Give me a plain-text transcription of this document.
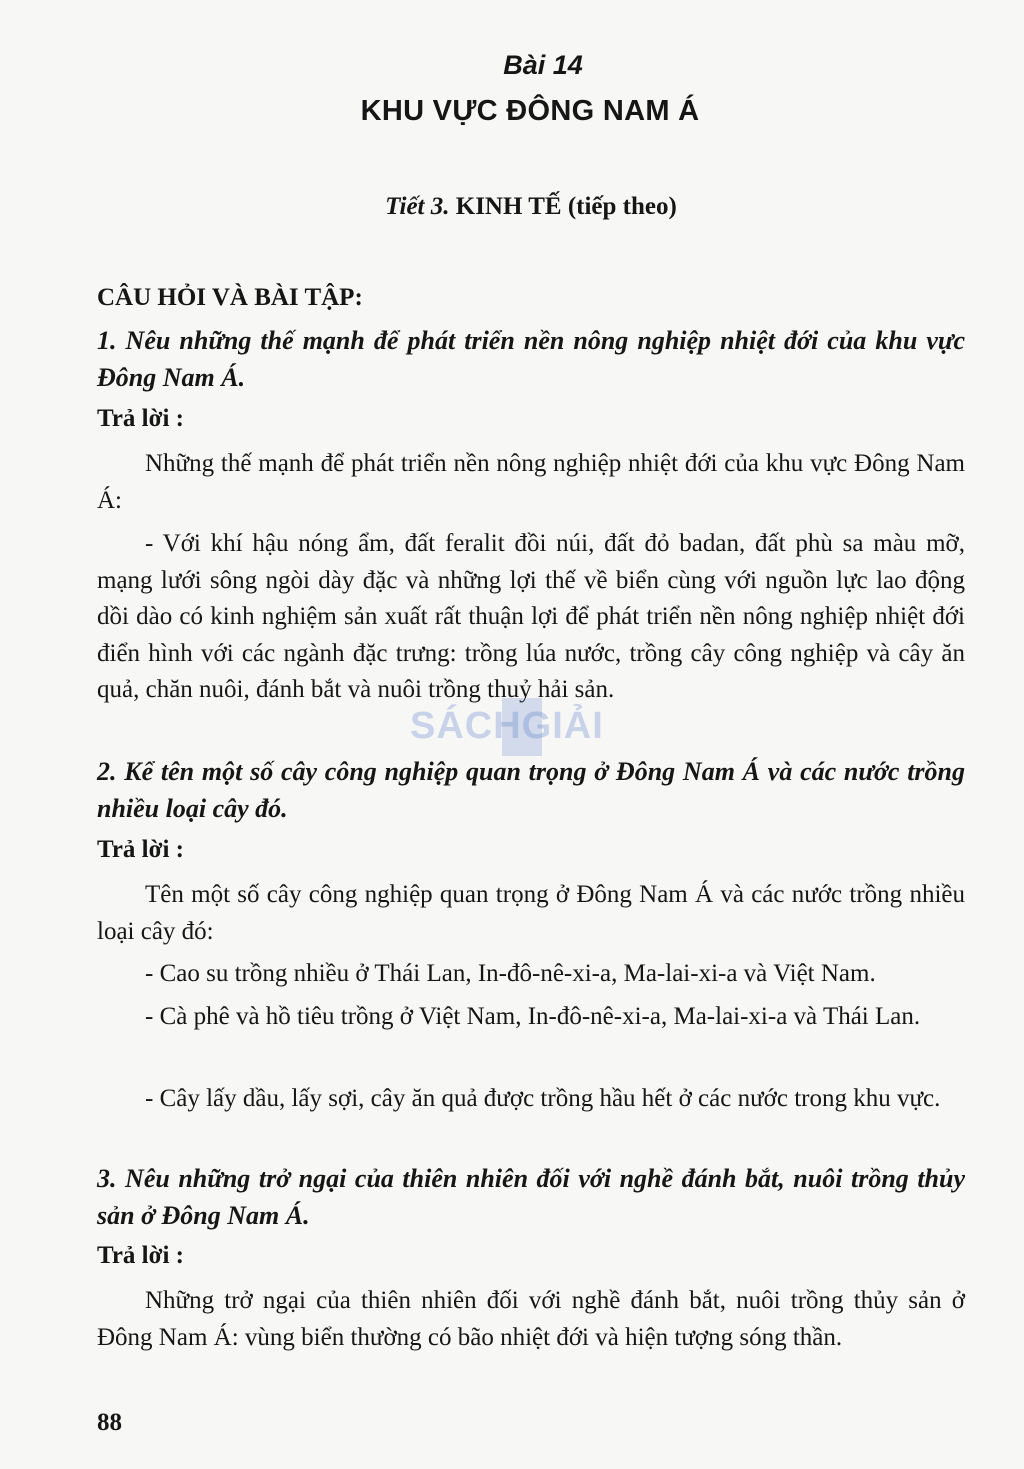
Bài 14
KHU VỰC ĐÔNG NAM Á
Tiết 3. KINH TẾ (tiếp theo)
CÂU HỎI VÀ BÀI TẬP:
1. Nêu những thế mạnh để phát triển nền nông nghiệp nhiệt đới của khu vực Đông Nam Á.
Trả lời :
Những thế mạnh để phát triển nền nông nghiệp nhiệt đới của khu vực Đông Nam Á:
- Với khí hậu nóng ẩm, đất feralit đồi núi, đất đỏ badan, đất phù sa màu mỡ, mạng lưới sông ngòi dày đặc và những lợi thế về biển cùng với nguồn lực lao động dồi dào có kinh nghiệm sản xuất rất thuận lợi để phát triển nền nông nghiệp nhiệt đới điển hình với các ngành đặc trưng: trồng lúa nước, trồng cây công nghiệp và cây ăn quả, chăn nuôi, đánh bắt và nuôi trồng thuỷ hải sản.
SÁCHGIẢI
2. Kể tên một số cây công nghiệp quan trọng ở Đông Nam Á và các nước trồng nhiều loại cây đó.
Trả lời :
Tên một số cây công nghiệp quan trọng ở Đông Nam Á và các nước trồng nhiều loại cây đó:
- Cao su trồng nhiều ở Thái Lan, In-đô-nê-xi-a, Ma-lai-xi-a và Việt Nam.
- Cà phê và hồ tiêu trồng ở Việt Nam, In-đô-nê-xi-a, Ma-lai-xi-a và Thái Lan.
- Cây lấy dầu, lấy sợi, cây ăn quả được trồng hầu hết ở các nước trong khu vực.
3. Nêu những trở ngại của thiên nhiên đối với nghề đánh bắt, nuôi trồng thủy sản ở Đông Nam Á.
Trả lời :
Những trở ngại của thiên nhiên đối với nghề đánh bắt, nuôi trồng thủy sản ở Đông Nam Á: vùng biển thường có bão nhiệt đới và hiện tượng sóng thần.
88
